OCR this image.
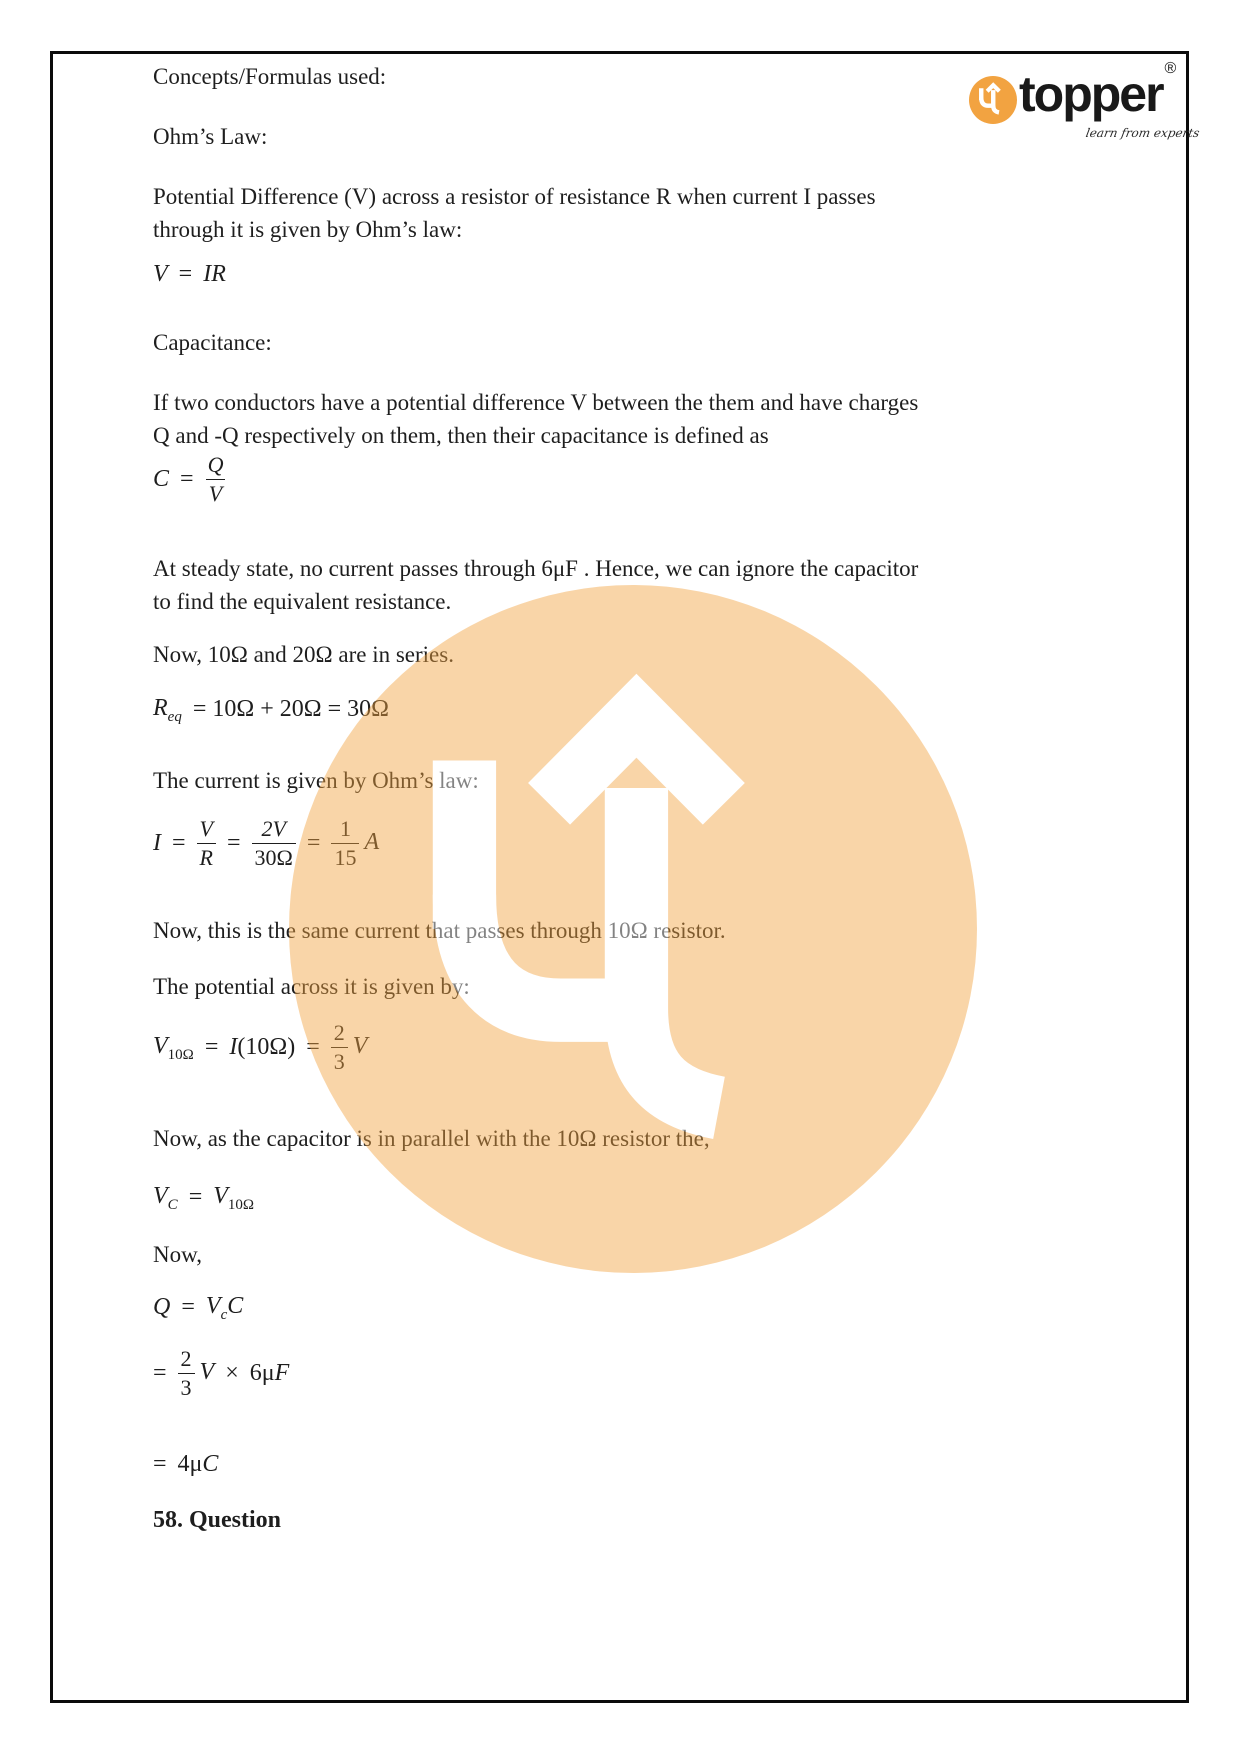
topper ®
learn from experts
Concepts/Formulas used:
Ohm’s Law:
Potential Difference (V) across a resistor of resistance R when current I passes
through it is given by Ohm’s law:
V = IR
Capacitance:
If two conductors have a potential difference V between the them and have charges
Q and -Q respectively on them, then their capacitance is defined as
$C = \frac{Q}{V}$
At steady state, no current passes through 6μF . Hence, we can ignore the capacitor
to find the equivalent resistance.
Now, 10Ω and 20Ω are in series.
$R_{eq} = 10\Omega + 20\Omega = 30\Omega$
The current is given by Ohm’s law:
$I = \frac{V}{R} = \frac{2V}{30\Omega} = \frac{1}{15}$ A
Now, this is the same current that passes through 10Ω resistor.
The potential across it is given by:
$V_{10\Omega} = I(10\Omega) = \frac{2}{3}$ V
Now, as the capacitor is in parallel with the 10Ω resistor the,
$V_C = V_{10\Omega}$
Now,
$Q = V_cC$
= $\frac{2}{3}$ V × 6μF
= 4μC
58. Question
